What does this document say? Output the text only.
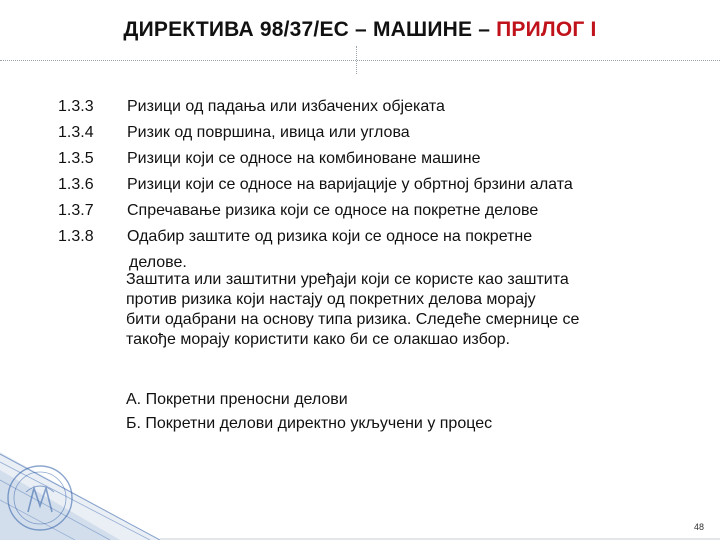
ДИРЕКТИВА 98/37/ЕС – МАШИНЕ – ПРИЛОГ I
1.3.3
1.3.4
1.3.5
1.3.6
1.3.7
1.3.8
Ризици од падања или избачених објеката
Ризик од површина, ивица или углова
Ризици који се односе на комбиноване машине
Ризици који се односе на варијације у обртној брзини алата
Спречавање ризика који се односе на покретне делове
Одабир заштите од ризика који се односе на покретне
делове.
Заштита или заштитни уређаји који се користе као заштита
против ризика који настају од покретних делова морају
бити одабрани на основу типа ризика. Следеће смернице се
такође морају користити како би се олакшао избор.
А. Покретни преносни делови
Б. Покретни делови директно укључени у процес
48
